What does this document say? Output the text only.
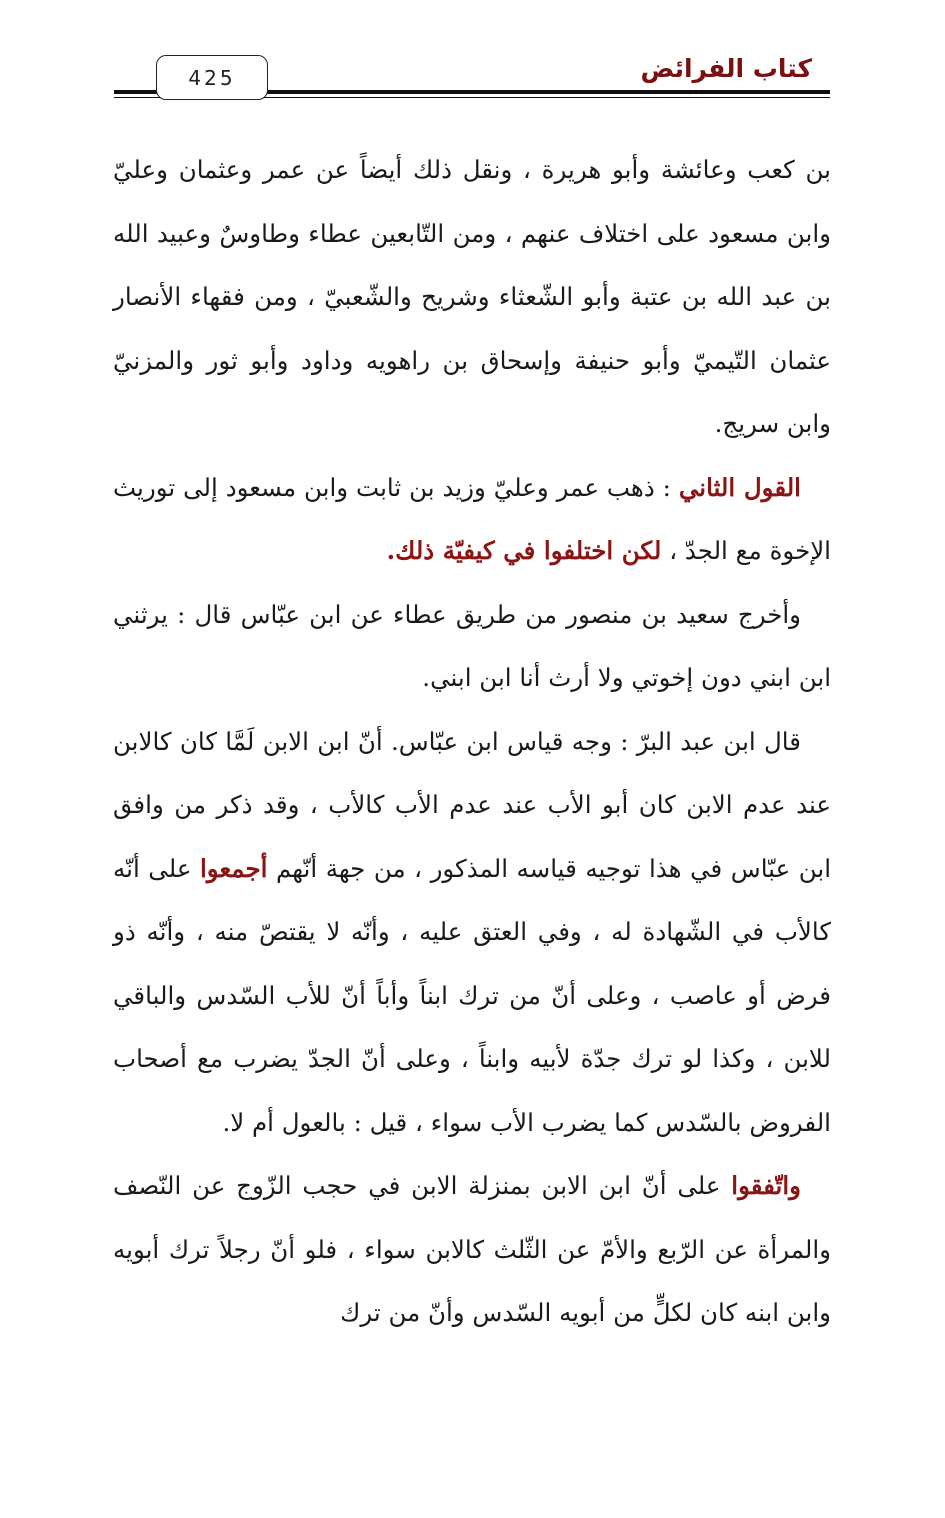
425	كتاب الفرائض

بن كعب وعائشة وأبو هريرة ، ونقل ذلك أيضاً عن عمر وعثمان وعليّ وابن مسعود على اختلاف عنهم ، ومن التّابعين عطاء وطاوسٌ وعبيد الله بن عبد الله بن عتبة وأبو الشّعثاء وشريح والشّعبيّ ، ومن فقهاء الأنصار عثمان التّيميّ وأبو حنيفة وإسحاق بن راهويه وداود وأبو ثور والمزنيّ وابن سريج.

القول الثاني : ذهب عمر وعليّ وزيد بن ثابت وابن مسعود إلى توريث الإخوة مع الجدّ ، لكن اختلفوا في كيفيّة ذلك.

وأخرج سعيد بن منصور من طريق عطاء عن ابن عبّاس قال : يرثني ابن ابني دون إخوتي ولا أرث أنا ابن ابني.

قال ابن عبد البرّ : وجه قياس ابن عبّاس. أنّ ابن الابن لَمَّا كان كالابن عند عدم الابن كان أبو الأب عند عدم الأب كالأب ، وقد ذكر من وافق ابن عبّاس في هذا توجيه قياسه المذكور ، من جهة أنّهم أجمعوا على أنّه كالأب في الشّهادة له ، وفي العتق عليه ، وأنّه لا يقتصّ منه ، وأنّه ذو فرض أو عاصب ، وعلى أنّ من ترك ابناً وأباً أنّ للأب السّدس والباقي للابن ، وكذا لو ترك جدّة لأبيه وابناً ، وعلى أنّ الجدّ يضرب مع أصحاب الفروض بالسّدس كما يضرب الأب سواء ، قيل : بالعول أم لا.

واتّفقوا على أنّ ابن الابن بمنزلة الابن في حجب الزّوج عن النّصف والمرأة عن الرّبع والأمّ عن الثّلث كالابن سواء ، فلو أنّ رجلاً ترك أبويه وابن ابنه كان لكلٍّ من أبويه السّدس وأنّ من ترك
